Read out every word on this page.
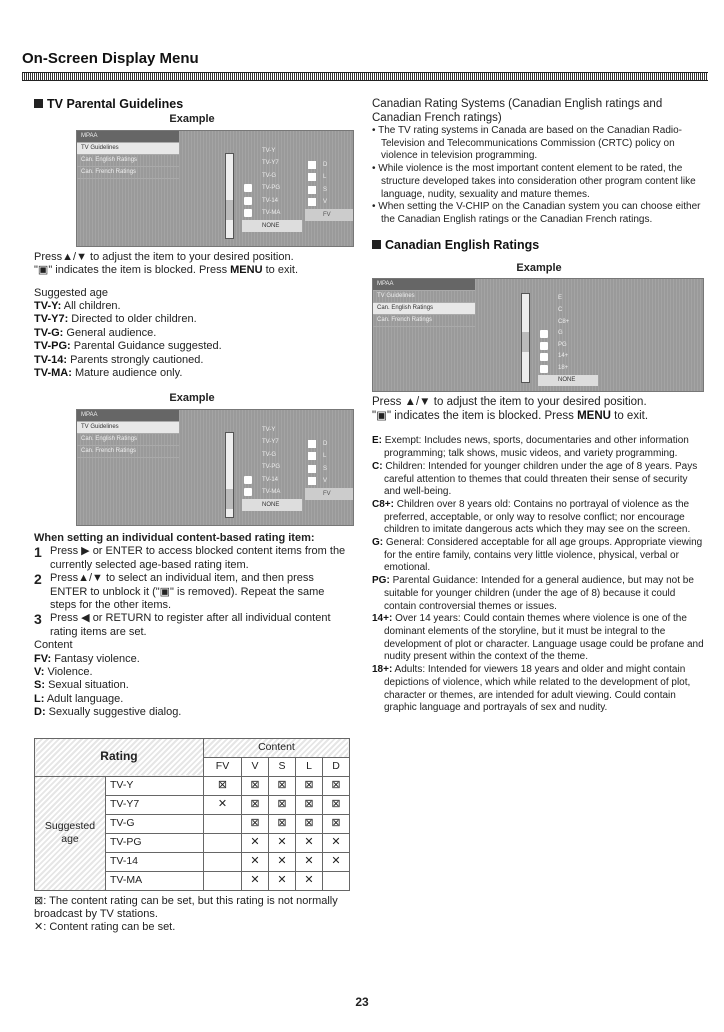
On-Screen Display Menu
TV Parental Guidelines
Example
MPAA
TV Guidelines
Can. English Ratings
Can. French Ratings
TV-Y
TV-Y7
TV-G
TV-PG
TV-14
TV-MA
NONE
D
L
S
V
FV

Press▲/▼ to adjust the item to your desired position.
"▣" indicates the item is blocked. Press MENU to exit.

Suggested age

TV-Y: All children.

TV-Y7: Directed to older children.

TV-G: General audience.

TV-PG: Parental Guidance suggested.

TV-14: Parents strongly cautioned.

TV-MA: Mature audience only.

Example
MPAA
TV Guidelines
Can. English Ratings
Can. French Ratings
TV-Y
TV-Y7
TV-G
TV-PG
TV-14
TV-MA
NONE
D
L
S
V
FV

When setting an individual content-based rating item:

1 Press ▶ or ENTER to access blocked content items from the currently selected age-based rating item.
2 Press▲/▼ to select an individual item, and then press ENTER to unblock it ("▣" is removed). Repeat the same steps for the other items.
3 Press ◀ or RETURN to register after all individual content rating items are set.

Content

FV: Fantasy violence.

V: Violence.

S: Sexual situation.

L: Adult language.

D: Sexually suggestive dialog.

Rating		Content				
		FV	V	S	L	D
Suggested age	TV-Y	⊠	⊠	⊠	⊠	⊠
	TV-Y7	✕	⊠	⊠	⊠	⊠
	TV-G		⊠	⊠	⊠	⊠
	TV-PG		✕	✕	✕	✕
	TV-14		✕	✕	✕	✕
	TV-MA		✕	✕	✕	

⊠: The content rating can be set, but this rating is not normally broadcast by TV stations.

✕: Content rating can be set.

Canadian Rating Systems (Canadian English ratings and Canadian French ratings)

• The TV rating systems in Canada are based on the Canadian Radio-Television and Telecommunications Commission (CRTC) policy on violence in television programming.

• While violence is the most important content element to be rated, the structure developed takes into consideration other program content like language, nudity, sexuality and mature themes.

• When setting the V-CHIP on the Canadian system you can choose either the Canadian English ratings or the Canadian French ratings.

Canadian English Ratings
Example
MPAA
TV Guidelines
Can. English Ratings
Can. French Ratings
E
C
C8+
G
PG
14+
18+
NONE

Press ▲/▼ to adjust the item to your desired position.
"▣" indicates the item is blocked. Press MENU to exit.

E: Exempt: Includes news, sports, documentaries and other information programming; talk shows, music videos, and variety programming.

C: Children: Intended for younger children under the age of 8 years. Pays careful attention to themes that could threaten their sense of security and well-being.

C8+: Children over 8 years old: Contains no portrayal of violence as the preferred, acceptable, or only way to resolve conflict; nor encourage children to imitate dangerous acts which they may see on the screen.

G: General: Considered acceptable for all age groups. Appropriate viewing for the entire family, contains very little violence, physical, verbal or emotional.

PG: Parental Guidance: Intended for a general audience, but may not be suitable for younger children (under the age of 8) because it could contain controversial themes or issues.

14+: Over 14 years: Could contain themes where violence is one of the dominant elements of the storyline, but it must be integral to the development of plot or character. Language usage could be profane and nudity present within the context of the theme.

18+: Adults: Intended for viewers 18 years and older and might contain depictions of violence, which while related to the development of plot, character or themes, are intended for adult viewing. Could contain graphic language and portrayals of sex and nudity.

23
